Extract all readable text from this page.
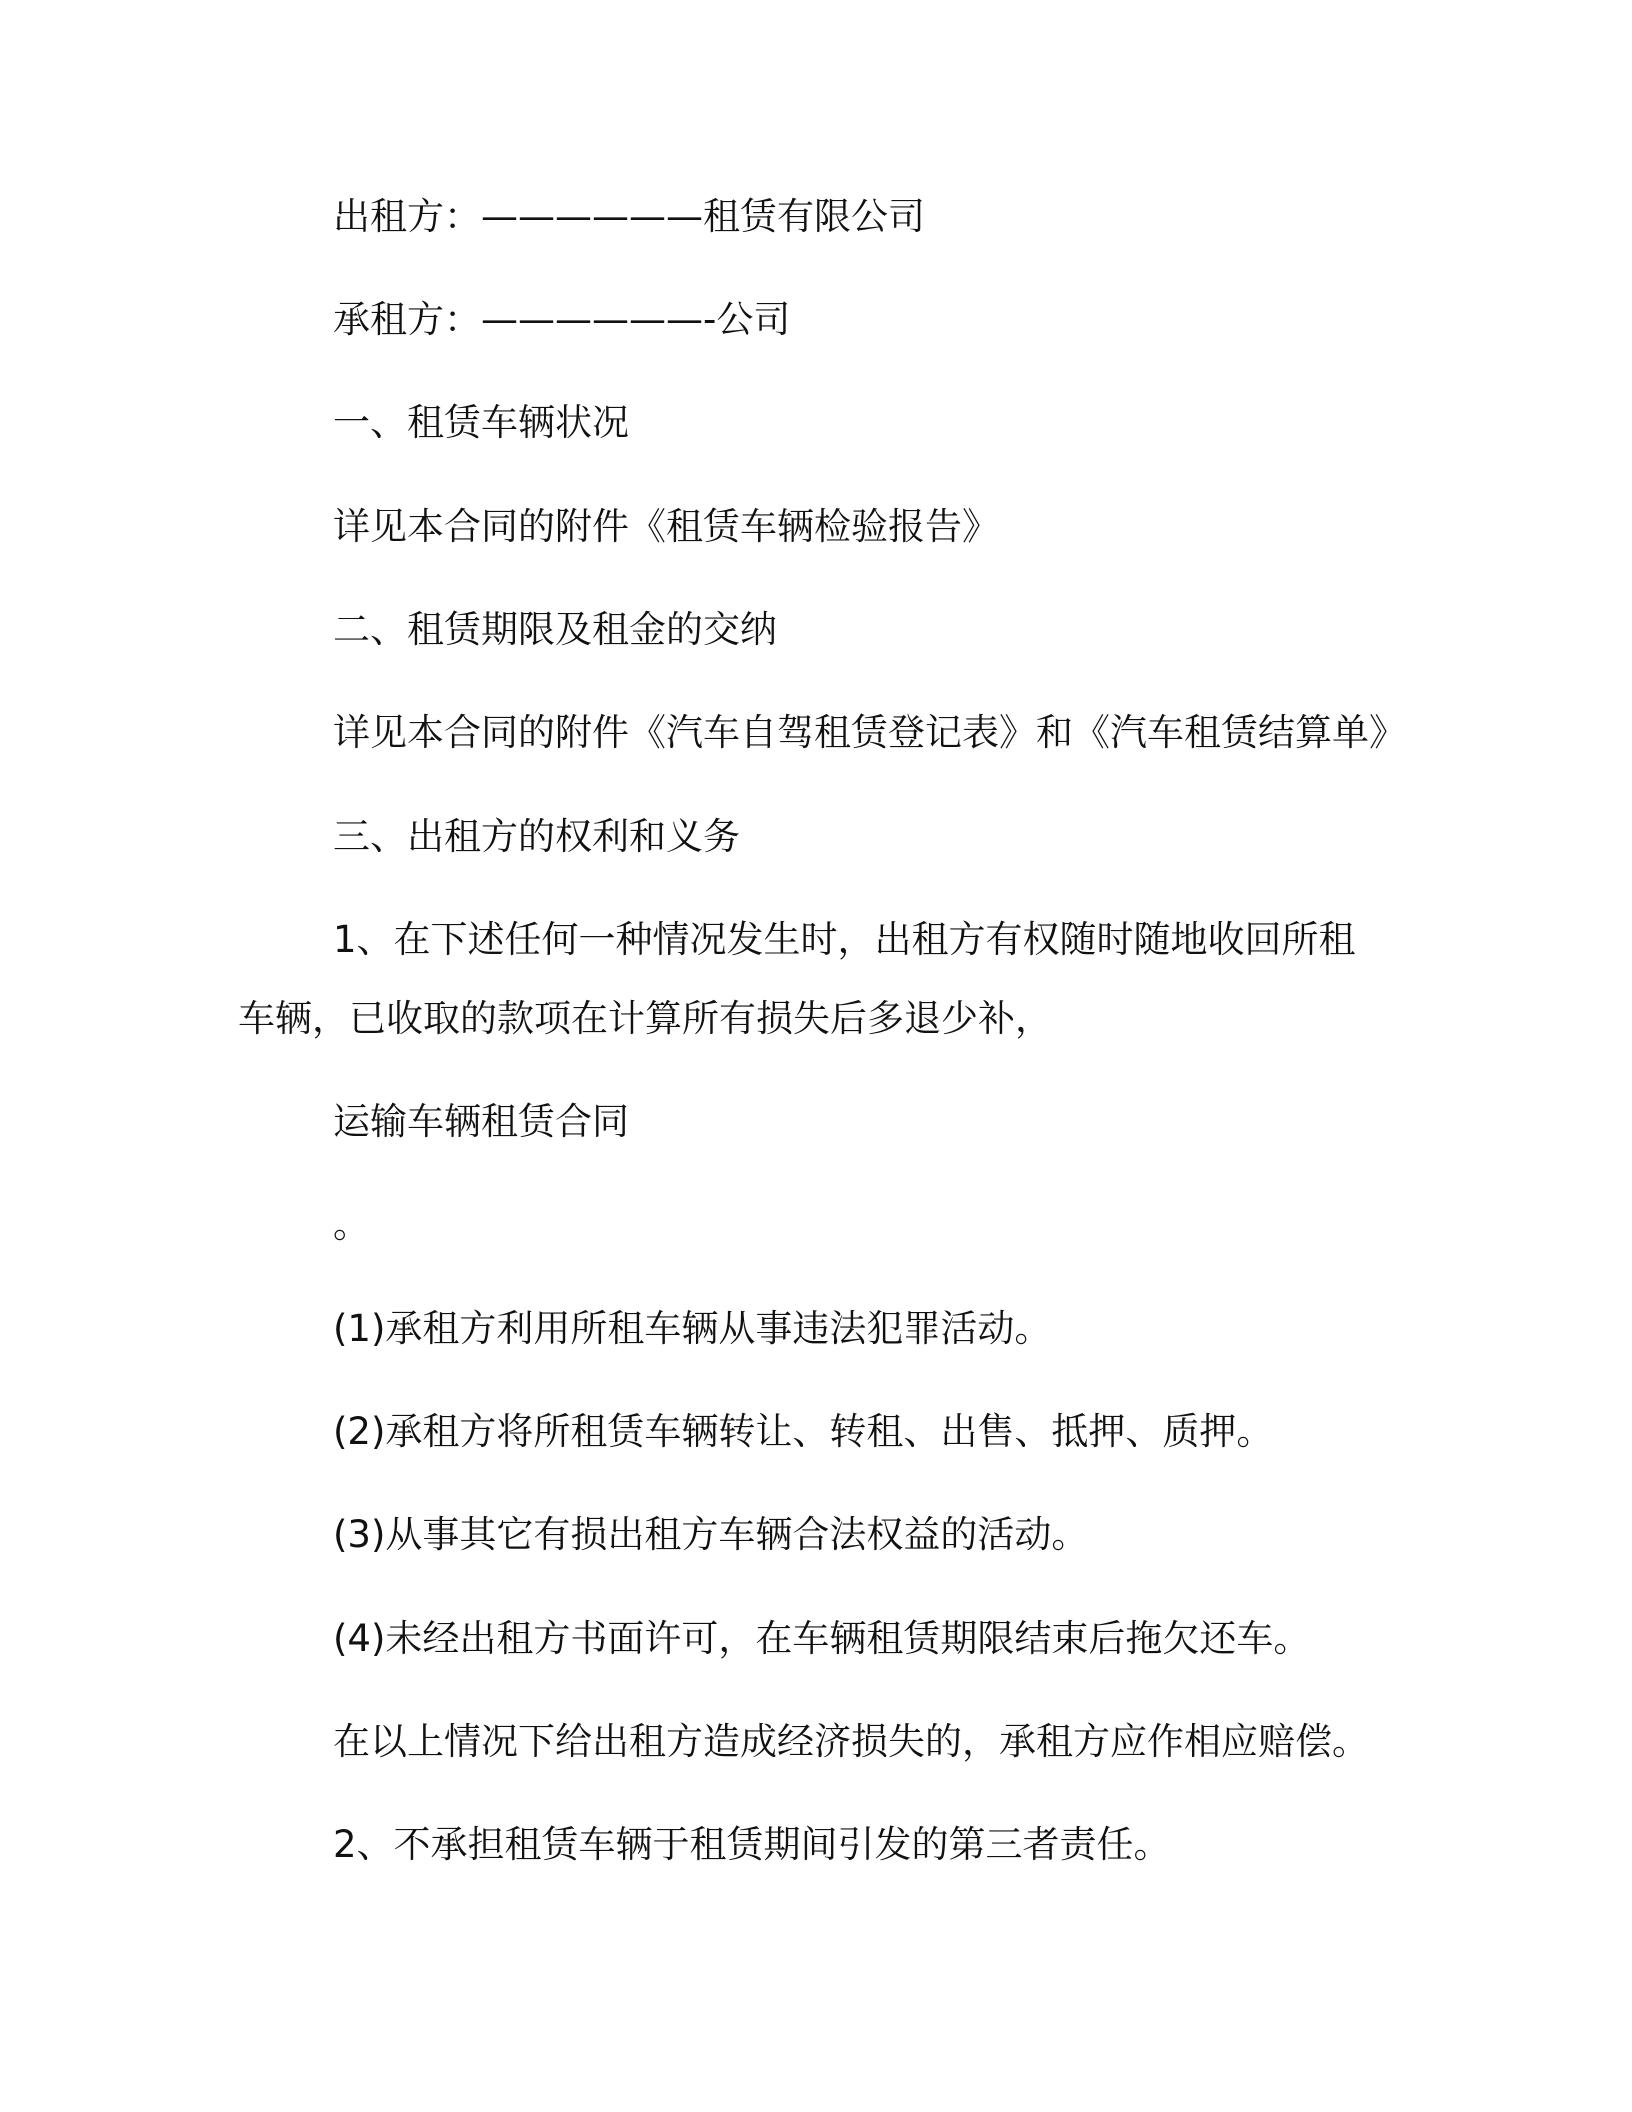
出租方：——————租赁有限公司
承租方：——————-公司
一、租赁车辆状况
详见本合同的附件《租赁车辆检验报告》
二、租赁期限及租金的交纳
详见本合同的附件《汽车自驾租赁登记表》和《汽车租赁结算单》
三、出租方的权利和义务
1、在下述任何一种情况发生时，出租方有权随时随地收回所租
车辆，已收取的款项在计算所有损失后多退少补，
运输车辆租赁合同
。
(1)承租方利用所租车辆从事违法犯罪活动。
(2)承租方将所租赁车辆转让、转租、出售、抵押、质押。
(3)从事其它有损出租方车辆合法权益的活动。
(4)未经出租方书面许可，在车辆租赁期限结束后拖欠还车。
在以上情况下给出租方造成经济损失的，承租方应作相应赔偿。
2、不承担租赁车辆于租赁期间引发的第三者责任。
